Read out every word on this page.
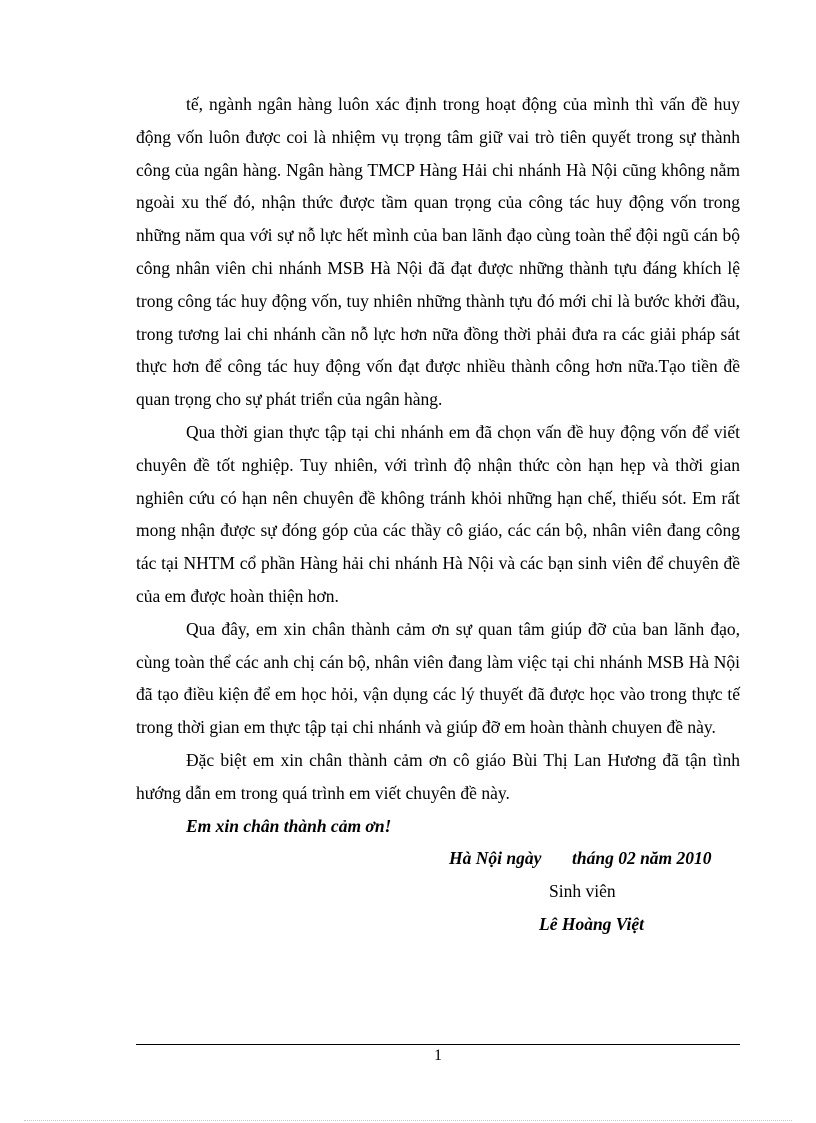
tế, ngành ngân hàng luôn xác định trong hoạt động của mình thì vấn đề huy động vốn luôn được coi là nhiệm vụ trọng tâm giữ vai trò tiên quyết trong sự thành công của ngân hàng. Ngân hàng TMCP Hàng Hải chi nhánh Hà Nội cũng không nằm ngoài xu thế đó, nhận thức được tầm quan trọng của công tác huy động vốn trong những năm qua với sự nỗ lực hết mình của ban lãnh đạo cùng toàn thể đội ngũ cán bộ công nhân viên chi nhánh MSB Hà Nội đã đạt được những thành tựu đáng khích lệ trong công tác huy động vốn, tuy nhiên những thành tựu đó mới chỉ là bước khởi đầu, trong tương lai chi nhánh cần nỗ lực hơn nữa đồng thời phải đưa ra các giải pháp sát thực hơn để công tác huy động vốn đạt được nhiều thành công hơn nữa.Tạo tiền đề quan trọng cho sự phát triển của ngân hàng.

Qua thời gian thực tập tại chi nhánh em đã chọn vấn đề huy động vốn để viết chuyên đề tốt nghiệp. Tuy nhiên, với trình độ nhận thức còn hạn hẹp và thời gian nghiên cứu có hạn nên chuyên đề không tránh khỏi những hạn chế, thiếu sót. Em rất mong nhận được sự đóng góp của các thầy cô giáo, các cán bộ, nhân viên đang công tác tại NHTM cổ phần Hàng hải chi nhánh Hà Nội và các bạn sinh viên để chuyên đề của em được hoàn thiện hơn.

Qua đây, em xin chân thành cảm ơn sự quan tâm giúp đỡ của ban lãnh đạo, cùng toàn thể các anh chị cán bộ, nhân viên đang làm việc tại chi nhánh MSB Hà Nội đã tạo điều kiện để em học hỏi, vận dụng các lý thuyết đã được học vào trong thực tế trong thời gian em thực tập tại chi nhánh và giúp đỡ em hoàn thành chuyen đề này.

Đặc biệt em xin chân thành cảm ơn cô giáo Bùi Thị Lan Hương đã tận tình hướng dẫn em trong quá trình em viết chuyên đề này.

Em xin chân thành cảm ơn!

Hà Nội ngày       tháng 02 năm 2010

Sinh viên

Lê Hoàng Việt

1
